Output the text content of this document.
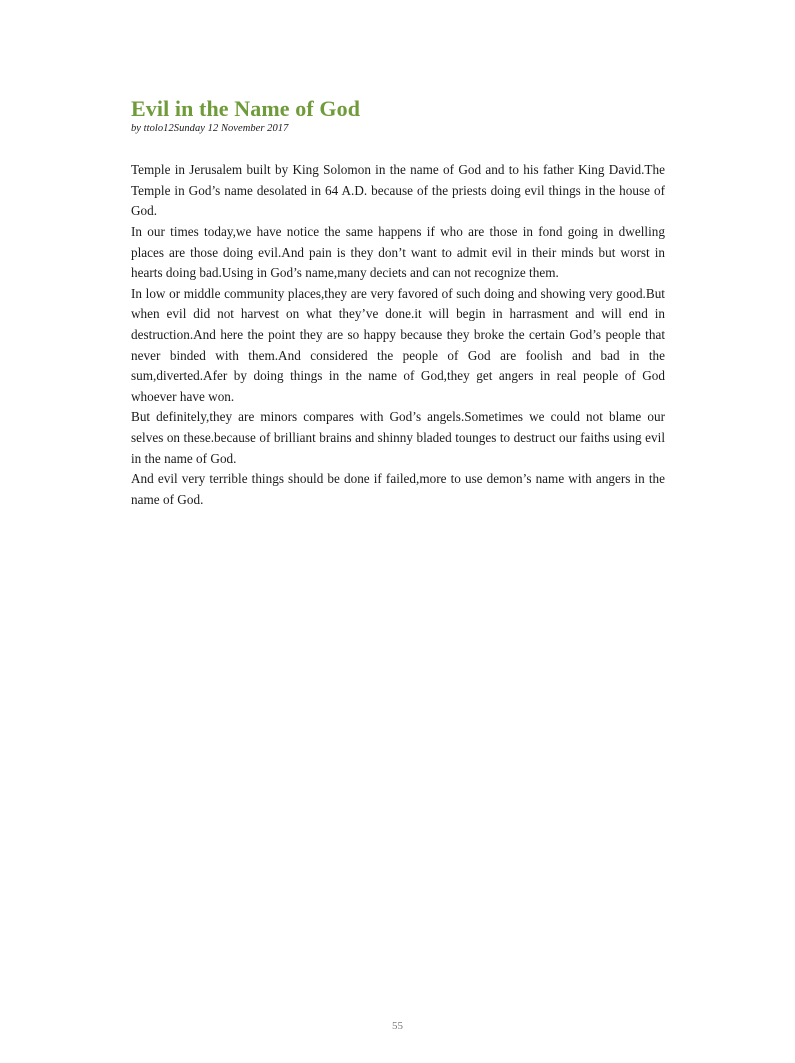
Evil in the Name of God
by ttolo12Sunday 12 November 2017

Temple in Jerusalem built by King Solomon in the name of God and to his father King David.The Temple in God’s name desolated in 64 A.D. because of the priests doing evil things in the house of God.

In our times today,we have notice the same happens if who are those in fond going in dwelling places are those doing evil.And pain is they don’t want to admit evil in their minds but worst in hearts doing bad.Using in God’s name,many deciets and can not recognize them.

In low or middle community places,they are very favored of such doing and showing very good.But when evil did not harvest on what they’ve done.it will begin in harrasment and will end in destruction.And here the point they are so happy because they broke the certain God’s people that never binded with them.And considered the people of God are foolish and bad in the sum,diverted.Afer by doing things in the name of God,they get angers in real people of God whoever have won.

But definitely,they are minors compares with God’s angels.Sometimes we could not blame our selves on these.because of brilliant brains and shinny bladed tounges to destruct our faiths using evil in the name of God.

And evil very terrible things should be done if failed,more to use demon’s name with angers in the name of God.

55
